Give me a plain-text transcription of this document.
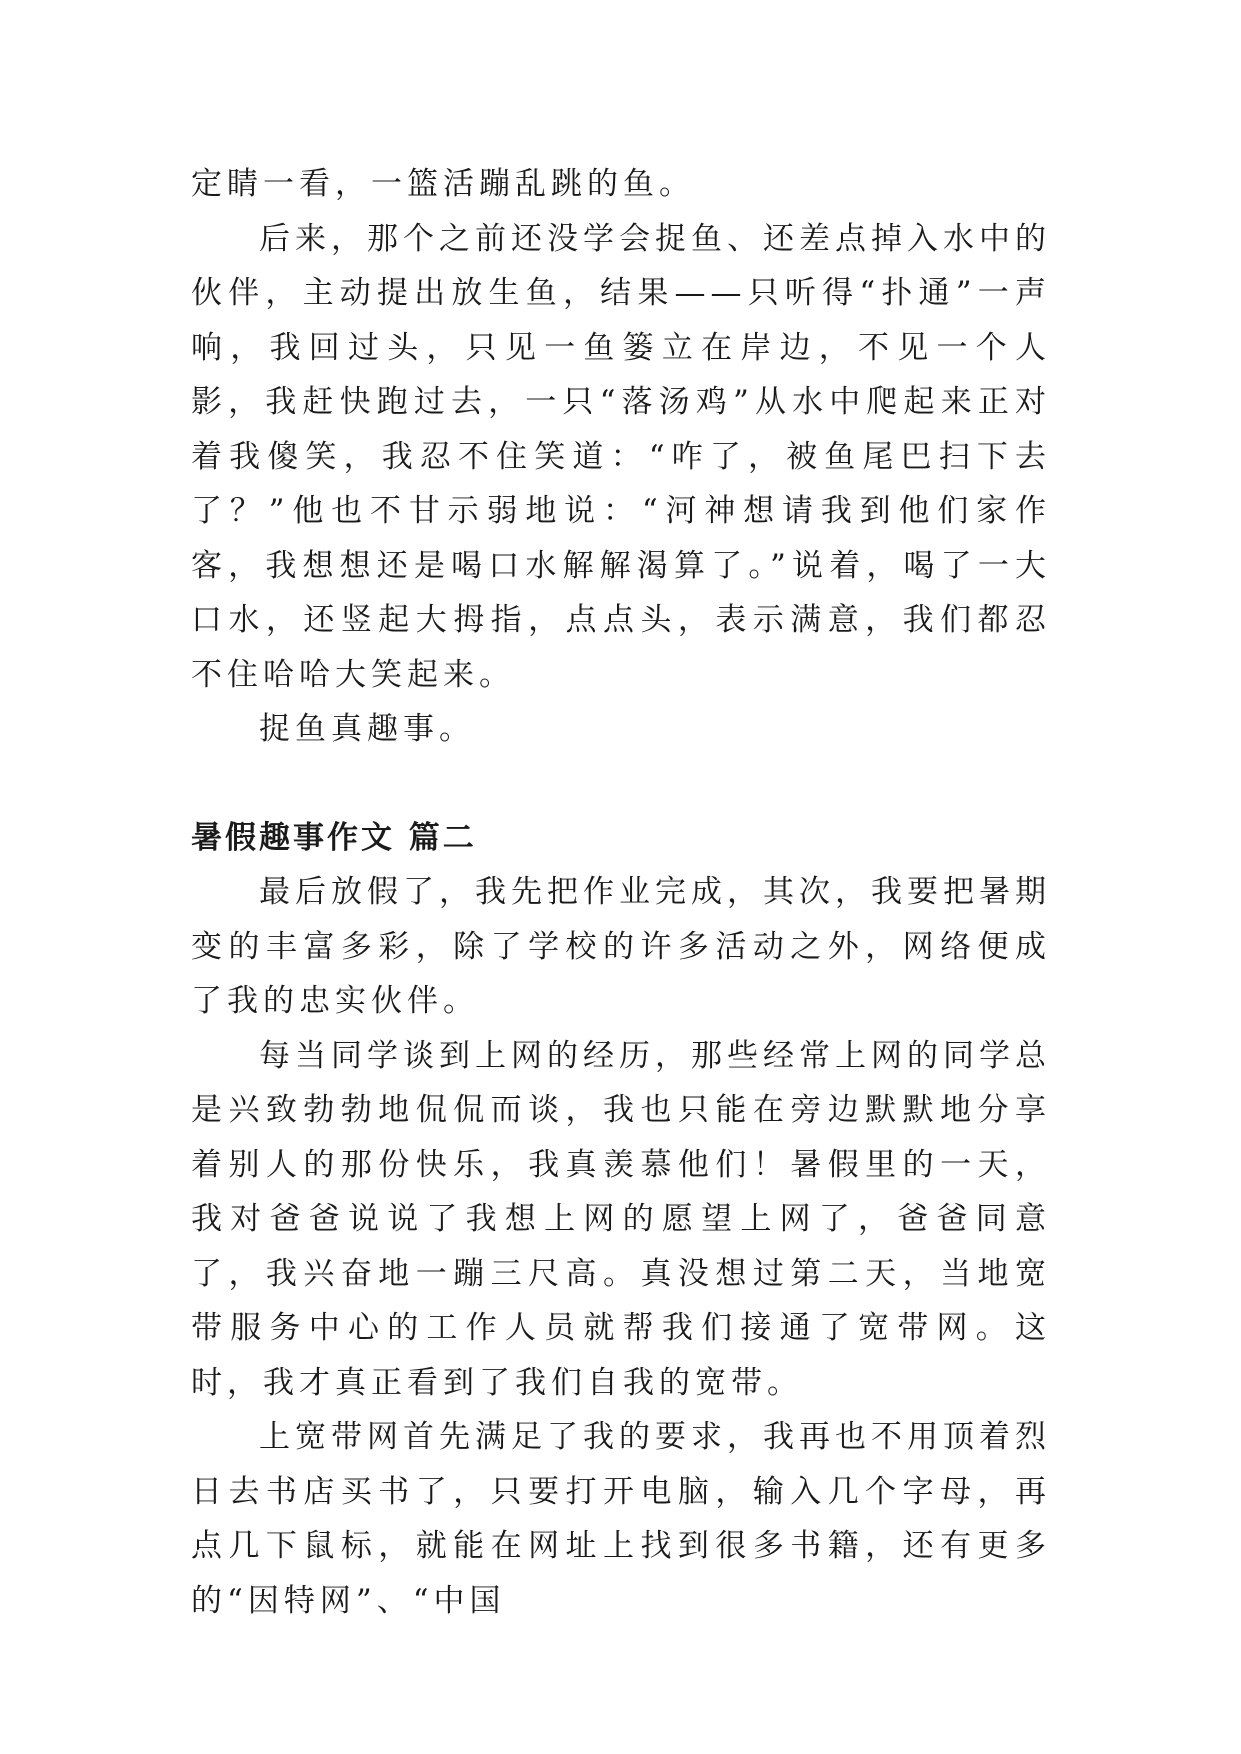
定睛一看，一篮活蹦乱跳的鱼。

后来，那个之前还没学会捉鱼、还差点掉入水中的伙伴，主动提出放生鱼，结果——只听得“扑通”一声响，我回过头，只见一鱼篓立在岸边，不见一个人影，我赶快跑过去，一只“落汤鸡”从水中爬起来正对着我傻笑，我忍不住笑道：“咋了，被鱼尾巴扫下去了？”他也不甘示弱地说：“河神想请我到他们家作客，我想想还是喝口水解解渴算了。”说着，喝了一大口水，还竖起大拇指，点点头，表示满意，我们都忍不住哈哈大笑起来。

捉鱼真趣事。

暑假趣事作文 篇二

最后放假了，我先把作业完成，其次，我要把暑期变的丰富多彩，除了学校的许多活动之外，网络便成了我的忠实伙伴。

每当同学谈到上网的经历，那些经常上网的同学总是兴致勃勃地侃侃而谈，我也只能在旁边默默地分享着别人的那份快乐，我真羡慕他们！暑假里的一天，我对爸爸说说了我想上网的愿望上网了，爸爸同意了，我兴奋地一蹦三尺高。真没想过第二天，当地宽带服务中心的工作人员就帮我们接通了宽带网。这时，我才真正看到了我们自我的宽带。

上宽带网首先满足了我的要求，我再也不用顶着烈日去书店买书了，只要打开电脑，输入几个字母，再点几下鼠标，就能在网址上找到很多书籍，还有更多的“因特网”、“中国
